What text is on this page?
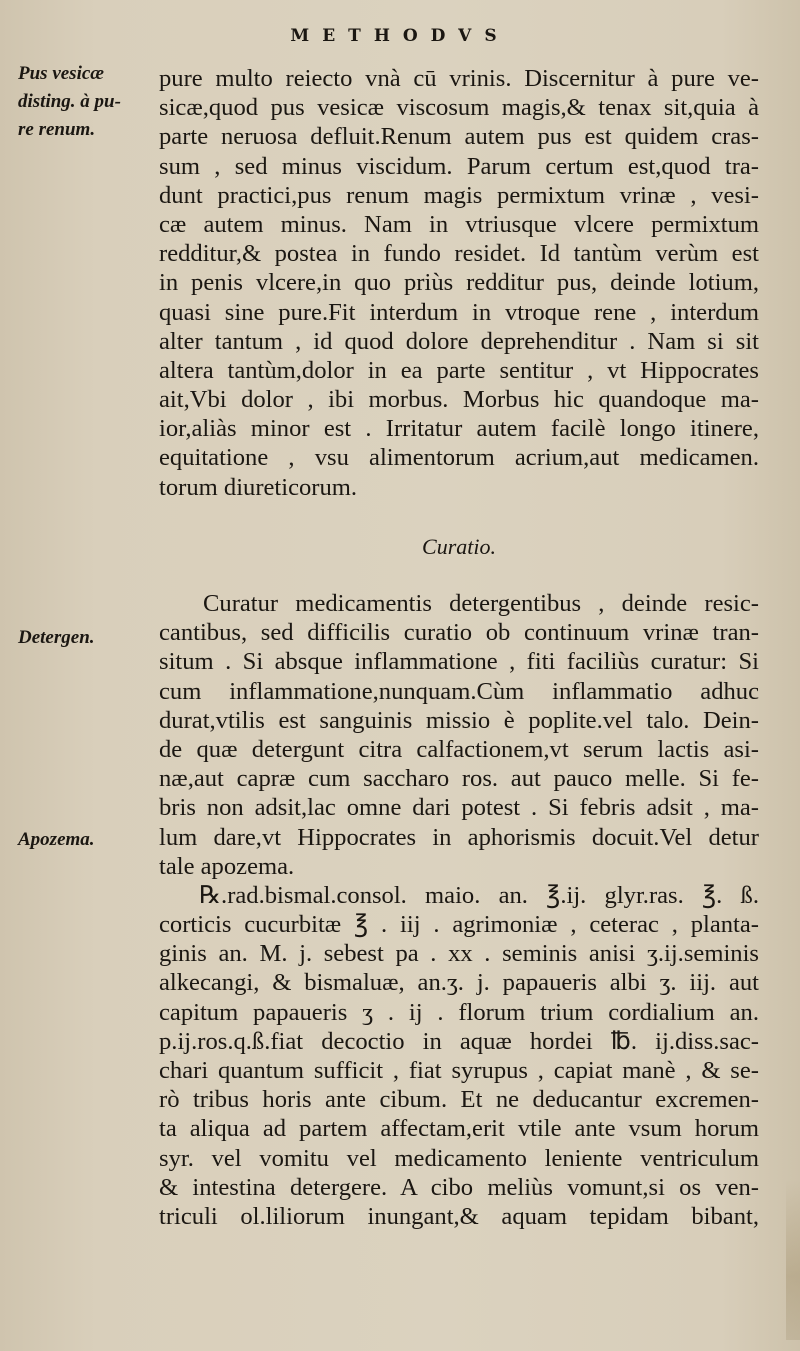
METHODVS
Pus vesicæ
disting. à pu-
re renum.
Detergen.
Apozema.
pure multo reiecto vnà cū vrinis. Discernitur à pure ve-
sicæ,quod pus vesicæ viscosum magis,& tenax sit,quia à
parte neruosa defluit.Renum autem pus est quidem cras-
sum , sed minus viscidum. Parum certum est,quod tra-
dunt practici,pus renum magis permixtum vrinæ , vesi-
cæ autem minus. Nam in vtriusque vlcere permixtum
redditur,& postea in fundo residet. Id tantùm verùm est
in penis vlcere,in quo priùs redditur pus, deinde lotium,
quasi sine pure.Fit interdum in vtroque rene , interdum
alter tantum , id quod dolore deprehenditur . Nam si sit
altera tantùm,dolor in ea parte sentitur , vt Hippocrates
ait,Vbi dolor , ibi morbus. Morbus hic quandoque ma-
ior,aliàs minor est . Irritatur autem facilè longo itinere,
equitatione , vsu alimentorum acrium,aut medicamen.
torum diureticorum.
Curatio.
Curatur medicamentis detergentibus , deinde resic-
cantibus, sed difficilis curatio ob continuum vrinæ tran-
situm . Si absque inflammatione , fiti faciliùs curatur: Si
cum inflammatione,nunquam.Cùm inflammatio adhuc
durat,vtilis est sanguinis missio è poplite.vel talo. Dein-
de quæ detergunt citra calfactionem,vt serum lactis asi-
næ,aut capræ cum saccharo ros. aut pauco melle. Si fe-
bris non adsit,lac omne dari potest . Si febris adsit , ma-
lum dare,vt Hippocrates in aphorismis docuit.Vel detur
tale apozema.
℞.rad.bismal.consol. maio. an. ℥.ij. glyr.ras. ℥. ß.
corticis cucurbitæ ℥ . iij . agrimoniæ , ceterac , planta-
ginis an. M. j. sebest pa . xx . seminis anisi ʒ.ij.seminis
alkecangi, & bismaluæ, an.ʒ. j. papaueris albi ʒ. iij. aut
capitum papaueris ʒ . ij . florum trium cordialium an.
p.ij.ros.q.ß.fiat decoctio in aquæ hordei ℔. ij.diss.sac-
chari quantum sufficit , fiat syrupus , capiat manè , & se-
rò tribus horis ante cibum. Et ne deducantur excremen-
ta aliqua ad partem affectam,erit vtile ante vsum horum
syr. vel vomitu vel medicamento leniente ventriculum
& intestina detergere. A cibo meliùs vomunt,si os ven-
triculi ol.liliorum inungant,& aquam tepidam bibant,
